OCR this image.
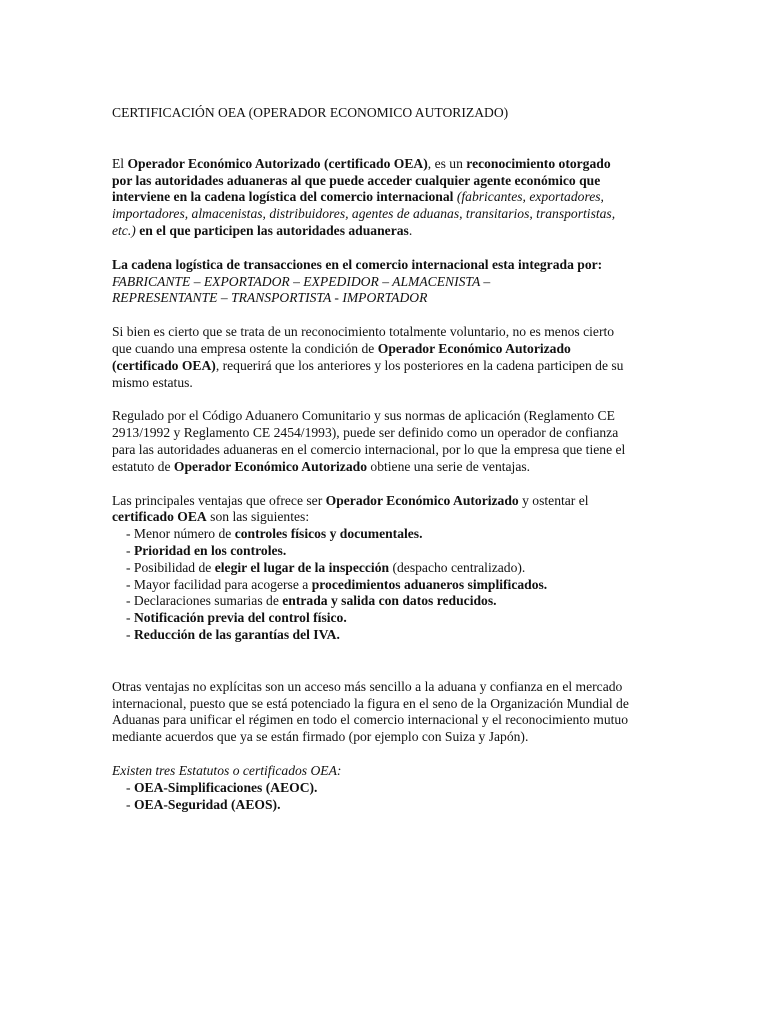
CERTIFICACIÓN OEA (OPERADOR ECONOMICO AUTORIZADO)

El Operador Económico Autorizado (certificado OEA), es un reconocimiento otorgado por las autoridades aduaneras al que puede acceder cualquier agente económico que interviene en la cadena logística del comercio internacional (fabricantes, exportadores, importadores, almacenistas, distribuidores, agentes de aduanas, transitarios, transportistas, etc.) en el que participen las autoridades aduaneras.

La cadena logística de transacciones en el comercio internacional esta integrada por:
FABRICANTE – EXPORTADOR – EXPEDIDOR – ALMACENISTA –
REPRESENTANTE – TRANSPORTISTA - IMPORTADOR

Si bien es cierto que se trata de un reconocimiento totalmente voluntario, no es menos cierto que cuando una empresa ostente la condición de Operador Económico Autorizado (certificado OEA), requerirá que los anteriores y los posteriores en la cadena participen de su mismo estatus.

Regulado por el Código Aduanero Comunitario y sus normas de aplicación (Reglamento CE 2913/1992 y Reglamento CE 2454/1993), puede ser definido como un operador de confianza para las autoridades aduaneras en el comercio internacional, por lo que la empresa que tiene el estatuto de Operador Económico Autorizado obtiene una serie de ventajas.

Las principales ventajas que ofrece ser Operador Económico Autorizado y ostentar el certificado OEA son las siguientes:

- Menor número de controles físicos y documentales.
- Prioridad en los controles.
- Posibilidad de elegir el lugar de la inspección (despacho centralizado).
- Mayor facilidad para acogerse a procedimientos aduaneros simplificados.
- Declaraciones sumarias de entrada y salida con datos reducidos.
- Notificación previa del control físico.
- Reducción de las garantías del IVA.

Otras ventajas no explícitas son un acceso más sencillo a la aduana y confianza en el mercado internacional, puesto que se está potenciado la figura en el seno de la Organización Mundial de Aduanas para unificar el régimen en todo el comercio internacional y el reconocimiento mutuo mediante acuerdos que ya se están firmado (por ejemplo con Suiza y Japón).

Existen tres Estatutos o certificados OEA:

- OEA-Simplificaciones (AEOC).
- OEA-Seguridad (AEOS).
